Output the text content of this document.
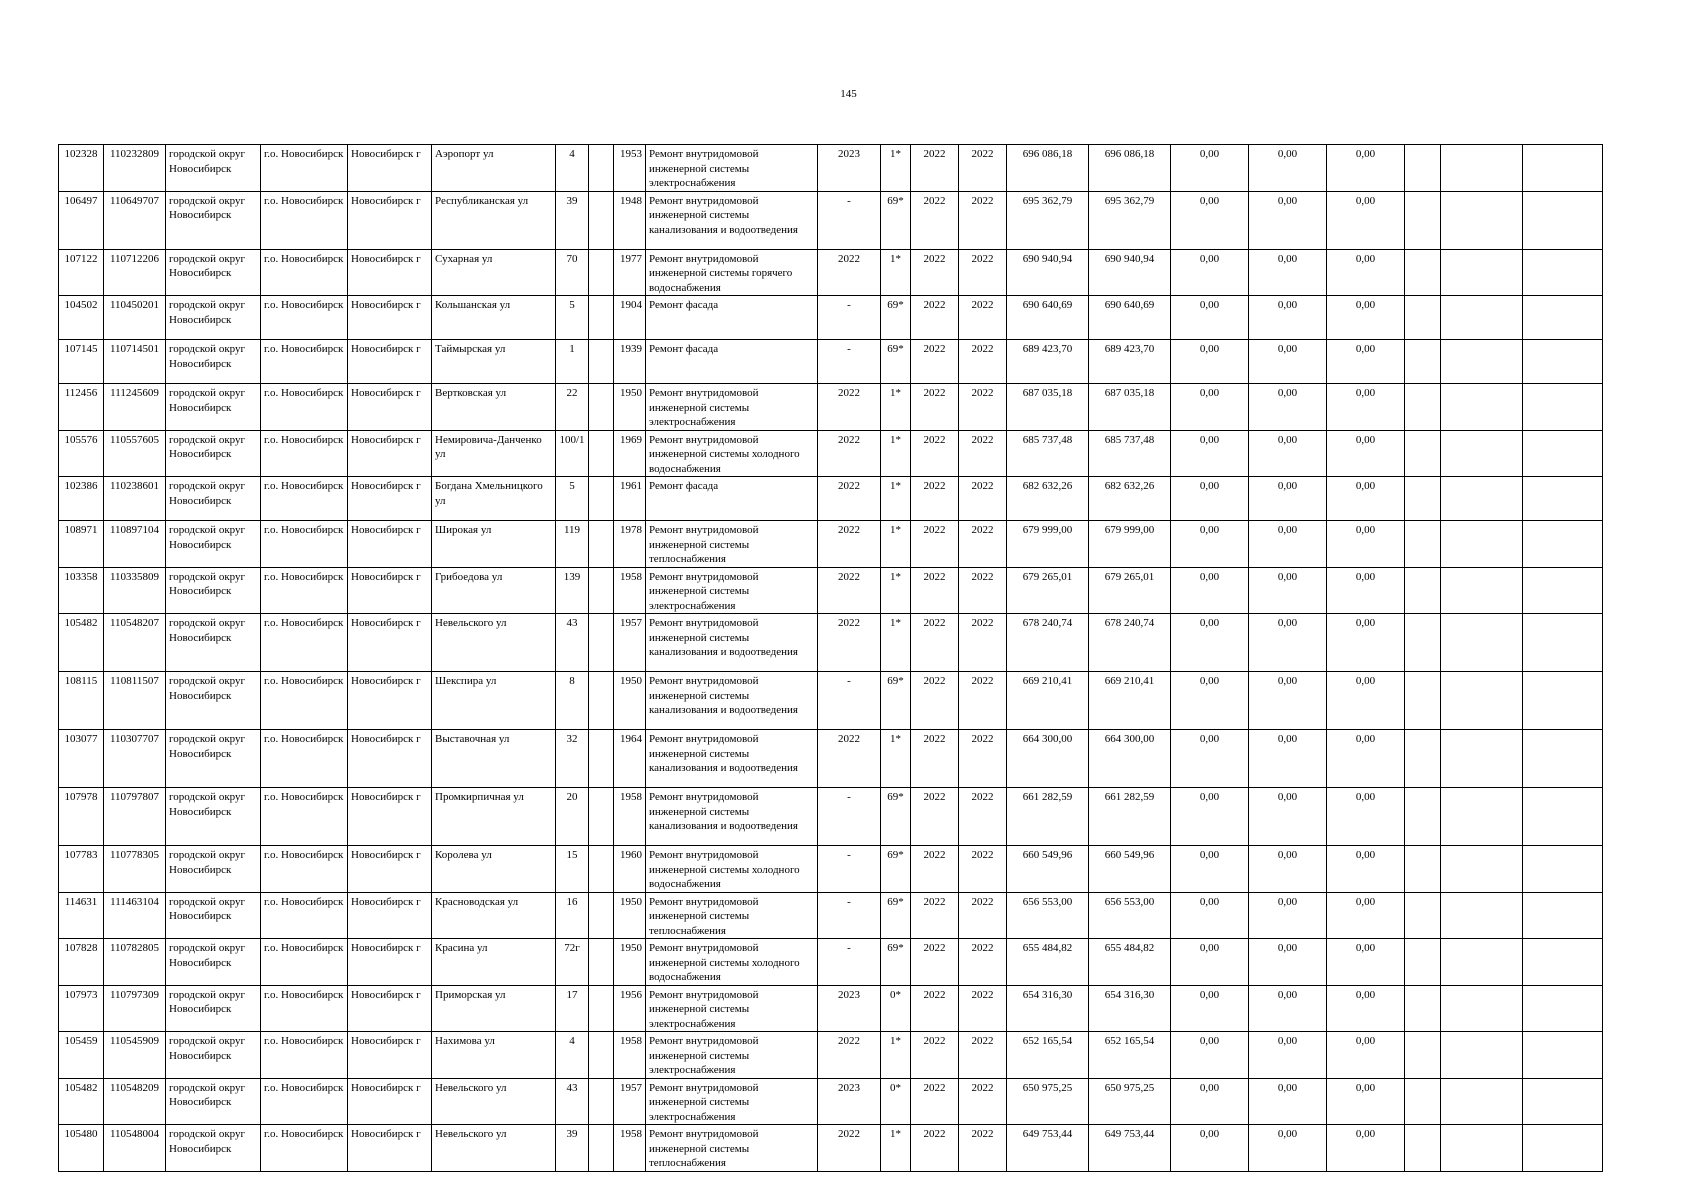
145
102328	110232809	городской округ Новосибирск	г.о. Новосибирск	Новосибирск г	Аэропорт ул	4		1953	Ремонт внутридомовой инженерной системы электроснабжения	2023	1*	2022	2022	696 086,18	696 086,18	0,00	0,00	0,00			
106497	110649707	городской округ Новосибирск	г.о. Новосибирск	Новосибирск г	Республиканская ул	39		1948	Ремонт внутридомовой инженерной системы канализования и водоотведения	-	69*	2022	2022	695 362,79	695 362,79	0,00	0,00	0,00			
107122	110712206	городской округ Новосибирск	г.о. Новосибирск	Новосибирск г	Сухарная ул	70		1977	Ремонт внутридомовой инженерной системы горячего водоснабжения	2022	1*	2022	2022	690 940,94	690 940,94	0,00	0,00	0,00			
104502	110450201	городской округ Новосибирск	г.о. Новосибирск	Новосибирск г	Кольшанская ул	5		1904	Ремонт фасада	-	69*	2022	2022	690 640,69	690 640,69	0,00	0,00	0,00			
107145	110714501	городской округ Новосибирск	г.о. Новосибирск	Новосибирск г	Таймырская ул	1		1939	Ремонт фасада	-	69*	2022	2022	689 423,70	689 423,70	0,00	0,00	0,00			
112456	111245609	городской округ Новосибирск	г.о. Новосибирск	Новосибирск г	Вертковская ул	22		1950	Ремонт внутридомовой инженерной системы электроснабжения	2022	1*	2022	2022	687 035,18	687 035,18	0,00	0,00	0,00			
105576	110557605	городской округ Новосибирск	г.о. Новосибирск	Новосибирск г	Немировича-Данченко ул	100/1		1969	Ремонт внутридомовой инженерной системы холодного водоснабжения	2022	1*	2022	2022	685 737,48	685 737,48	0,00	0,00	0,00			
102386	110238601	городской округ Новосибирск	г.о. Новосибирск	Новосибирск г	Богдана Хмельницкого ул	5		1961	Ремонт фасада	2022	1*	2022	2022	682 632,26	682 632,26	0,00	0,00	0,00			
108971	110897104	городской округ Новосибирск	г.о. Новосибирск	Новосибирск г	Широкая ул	119		1978	Ремонт внутридомовой инженерной системы теплоснабжения	2022	1*	2022	2022	679 999,00	679 999,00	0,00	0,00	0,00			
103358	110335809	городской округ Новосибирск	г.о. Новосибирск	Новосибирск г	Грибоедова ул	139		1958	Ремонт внутридомовой инженерной системы электроснабжения	2022	1*	2022	2022	679 265,01	679 265,01	0,00	0,00	0,00			
105482	110548207	городской округ Новосибирск	г.о. Новосибирск	Новосибирск г	Невельского ул	43		1957	Ремонт внутридомовой инженерной системы канализования и водоотведения	2022	1*	2022	2022	678 240,74	678 240,74	0,00	0,00	0,00			
108115	110811507	городской округ Новосибирск	г.о. Новосибирск	Новосибирск г	Шекспира ул	8		1950	Ремонт внутридомовой инженерной системы канализования и водоотведения	-	69*	2022	2022	669 210,41	669 210,41	0,00	0,00	0,00			
103077	110307707	городской округ Новосибирск	г.о. Новосибирск	Новосибирск г	Выставочная ул	32		1964	Ремонт внутридомовой инженерной системы канализования и водоотведения	2022	1*	2022	2022	664 300,00	664 300,00	0,00	0,00	0,00			
107978	110797807	городской округ Новосибирск	г.о. Новосибирск	Новосибирск г	Промкирпичная ул	20		1958	Ремонт внутридомовой инженерной системы канализования и водоотведения	-	69*	2022	2022	661 282,59	661 282,59	0,00	0,00	0,00			
107783	110778305	городской округ Новосибирск	г.о. Новосибирск	Новосибирск г	Королева ул	15		1960	Ремонт внутридомовой инженерной системы холодного водоснабжения	-	69*	2022	2022	660 549,96	660 549,96	0,00	0,00	0,00			
114631	111463104	городской округ Новосибирск	г.о. Новосибирск	Новосибирск г	Красноводская ул	16		1950	Ремонт внутридомовой инженерной системы теплоснабжения	-	69*	2022	2022	656 553,00	656 553,00	0,00	0,00	0,00			
107828	110782805	городской округ Новосибирск	г.о. Новосибирск	Новосибирск г	Красина ул	72г		1950	Ремонт внутридомовой инженерной системы холодного водоснабжения	-	69*	2022	2022	655 484,82	655 484,82	0,00	0,00	0,00			
107973	110797309	городской округ Новосибирск	г.о. Новосибирск	Новосибирск г	Приморская ул	17		1956	Ремонт внутридомовой инженерной системы электроснабжения	2023	0*	2022	2022	654 316,30	654 316,30	0,00	0,00	0,00			
105459	110545909	городской округ Новосибирск	г.о. Новосибирск	Новосибирск г	Нахимова ул	4		1958	Ремонт внутридомовой инженерной системы электроснабжения	2022	1*	2022	2022	652 165,54	652 165,54	0,00	0,00	0,00			
105482	110548209	городской округ Новосибирск	г.о. Новосибирск	Новосибирск г	Невельского ул	43		1957	Ремонт внутридомовой инженерной системы электроснабжения	2023	0*	2022	2022	650 975,25	650 975,25	0,00	0,00	0,00			
105480	110548004	городской округ Новосибирск	г.о. Новосибирск	Новосибирск г	Невельского ул	39		1958	Ремонт внутридомовой инженерной системы теплоснабжения	2022	1*	2022	2022	649 753,44	649 753,44	0,00	0,00	0,00			
